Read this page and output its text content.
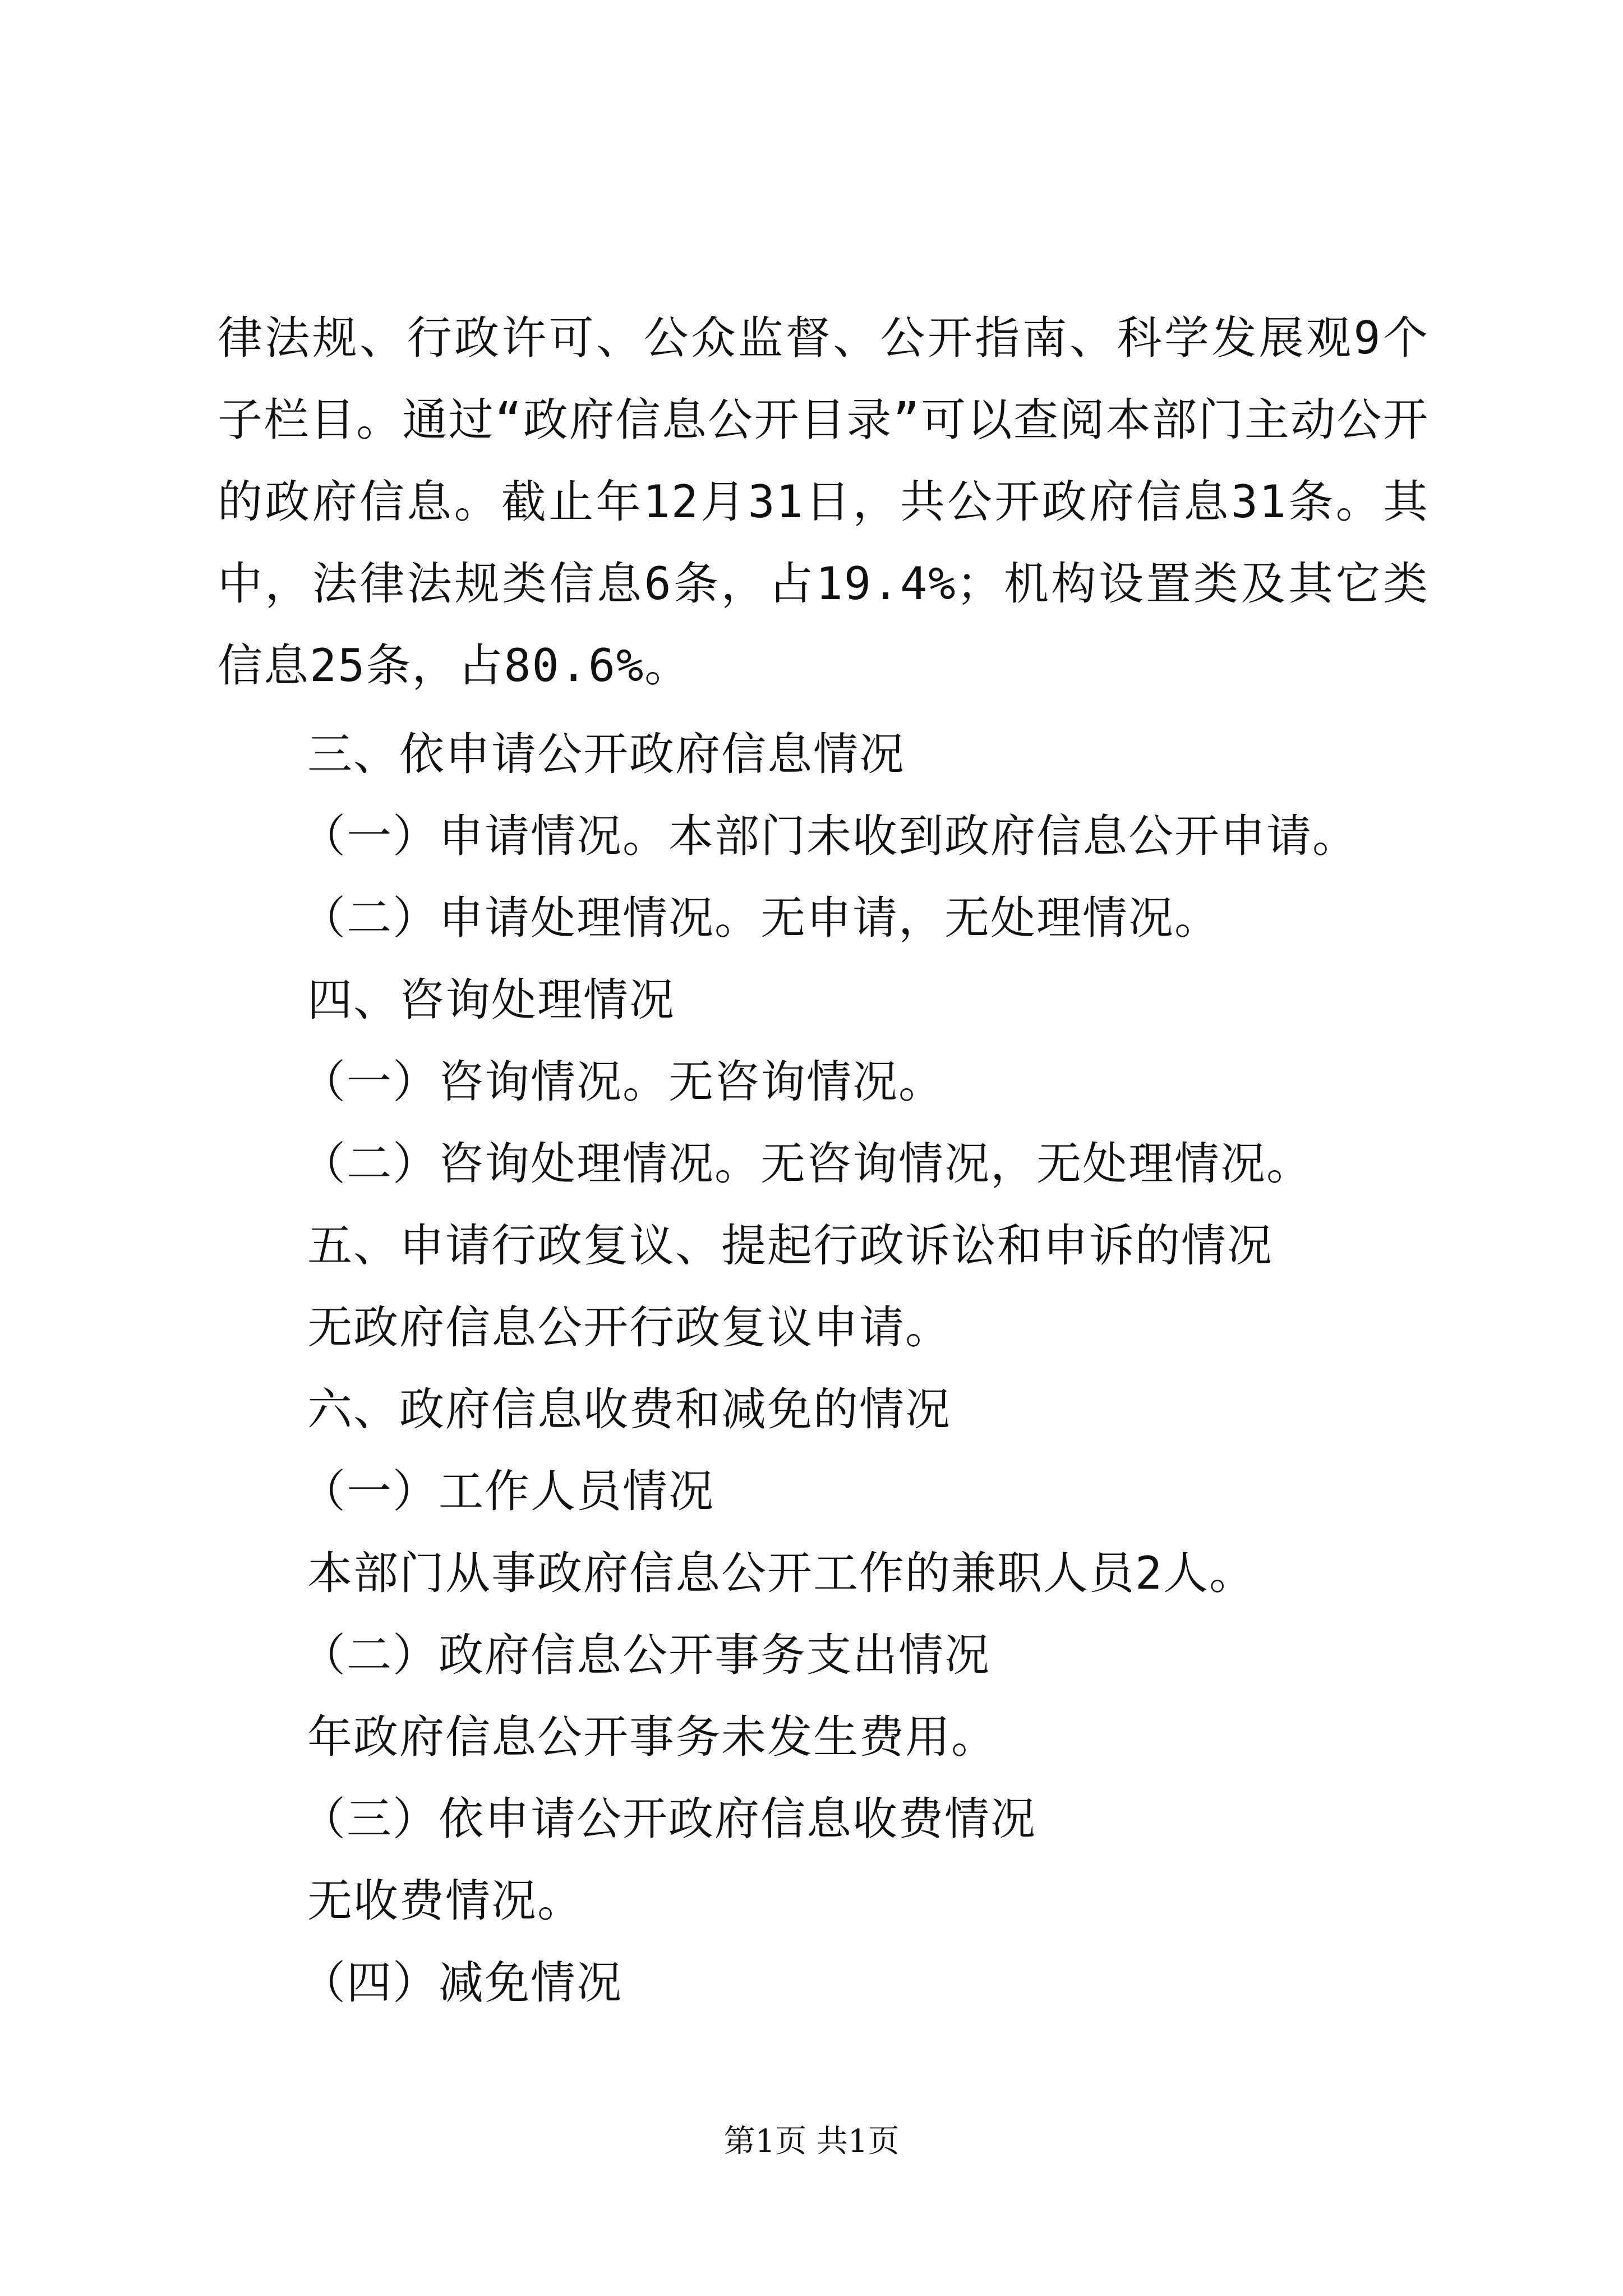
律法规、行政许可、公众监督、公开指南、科学发展观9个子栏目。通过“政府信息公开目录”可以查阅本部门主动公开的政府信息。截止年12月31日，共公开政府信息31条。其中，法律法规类信息6条，占19.4%；机构设置类及其它类信息25条，占80.6%。
三、依申请公开政府信息情况
（一）申请情况。本部门未收到政府信息公开申请。
（二）申请处理情况。无申请，无处理情况。
四、咨询处理情况
（一）咨询情况。无咨询情况。
（二）咨询处理情况。无咨询情况，无处理情况。
五、申请行政复议、提起行政诉讼和申诉的情况
无政府信息公开行政复议申请。
六、政府信息收费和减免的情况
（一）工作人员情况
本部门从事政府信息公开工作的兼职人员2人。
（二）政府信息公开事务支出情况
年政府信息公开事务未发生费用。
（三）依申请公开政府信息收费情况
无收费情况。
（四）减免情况
第1页 共1页
